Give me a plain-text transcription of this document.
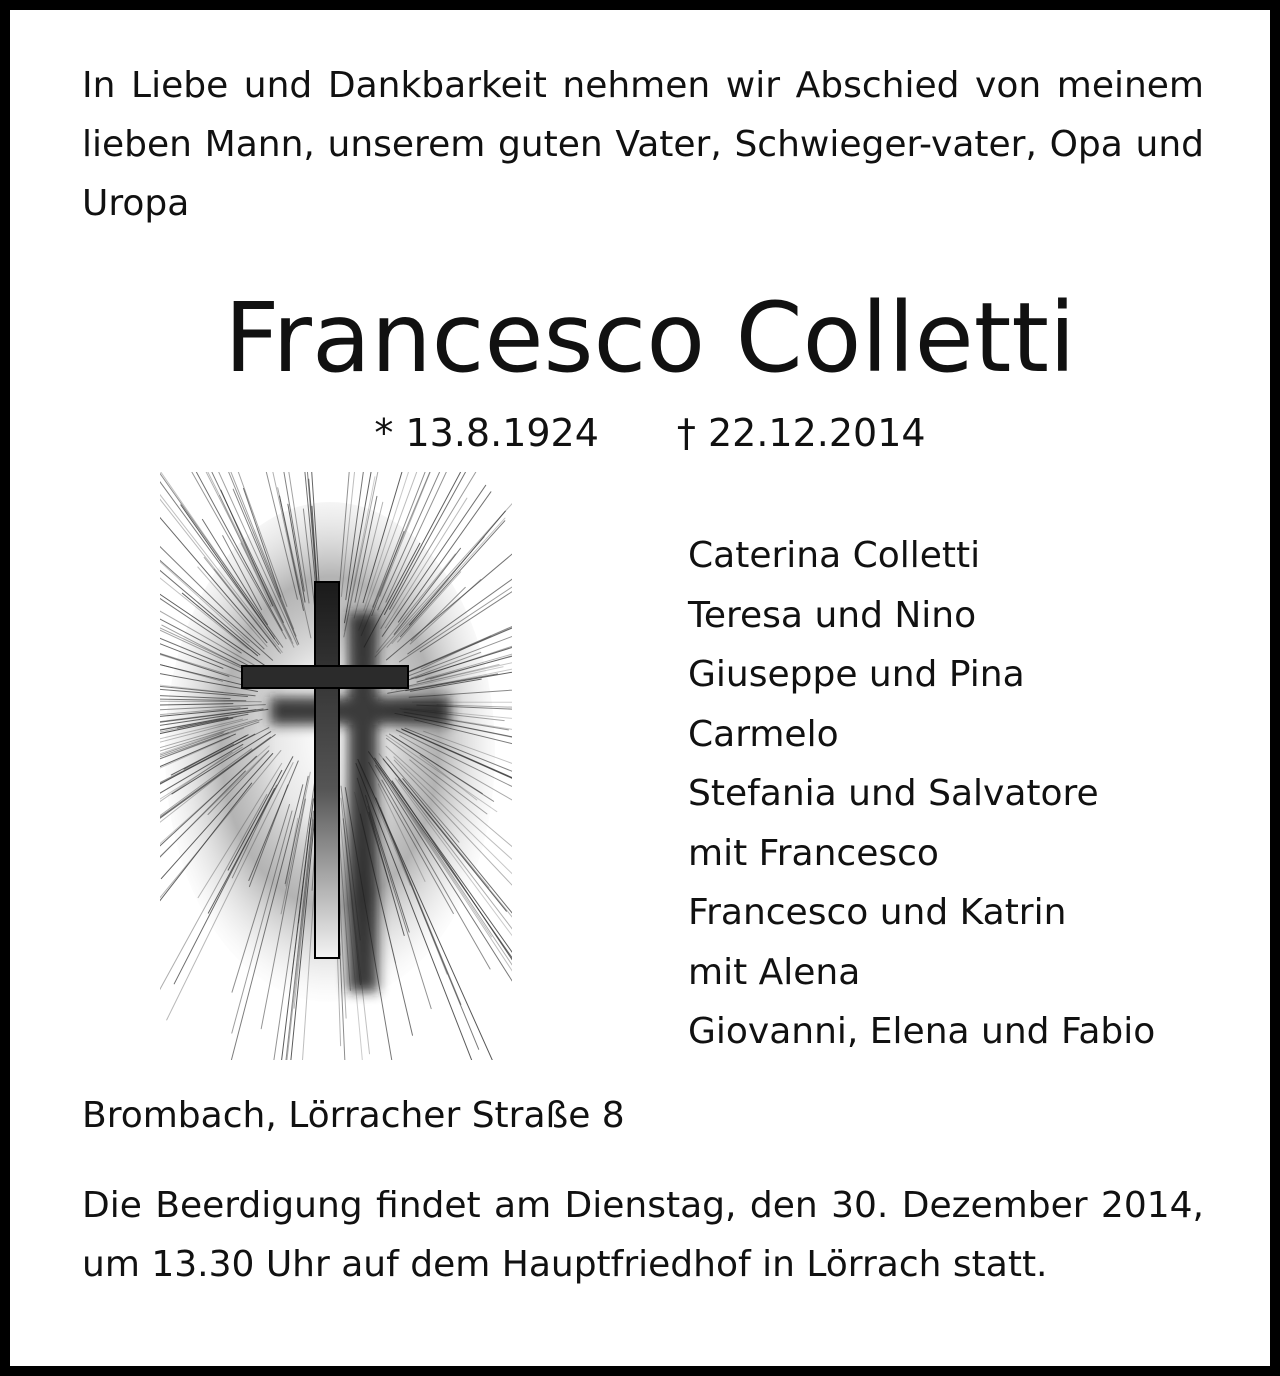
In Liebe und Dankbarkeit nehmen wir Abschied von meinem lieben Mann, unserem guten Vater, Schwieger-vater, Opa und Uropa

Francesco Colletti
* 13.8.1924 † 22.12.2014
Caterina Colletti
Teresa und Nino
Giuseppe und Pina
Carmelo
Stefania und Salvatore
mit Francesco
Francesco und Katrin
mit Alena
Giovanni, Elena und Fabio

Brombach, Lörracher Straße 8

Die Beerdigung findet am Dienstag, den 30. Dezember 2014, um 13.30 Uhr auf dem Hauptfriedhof in Lörrach statt.
